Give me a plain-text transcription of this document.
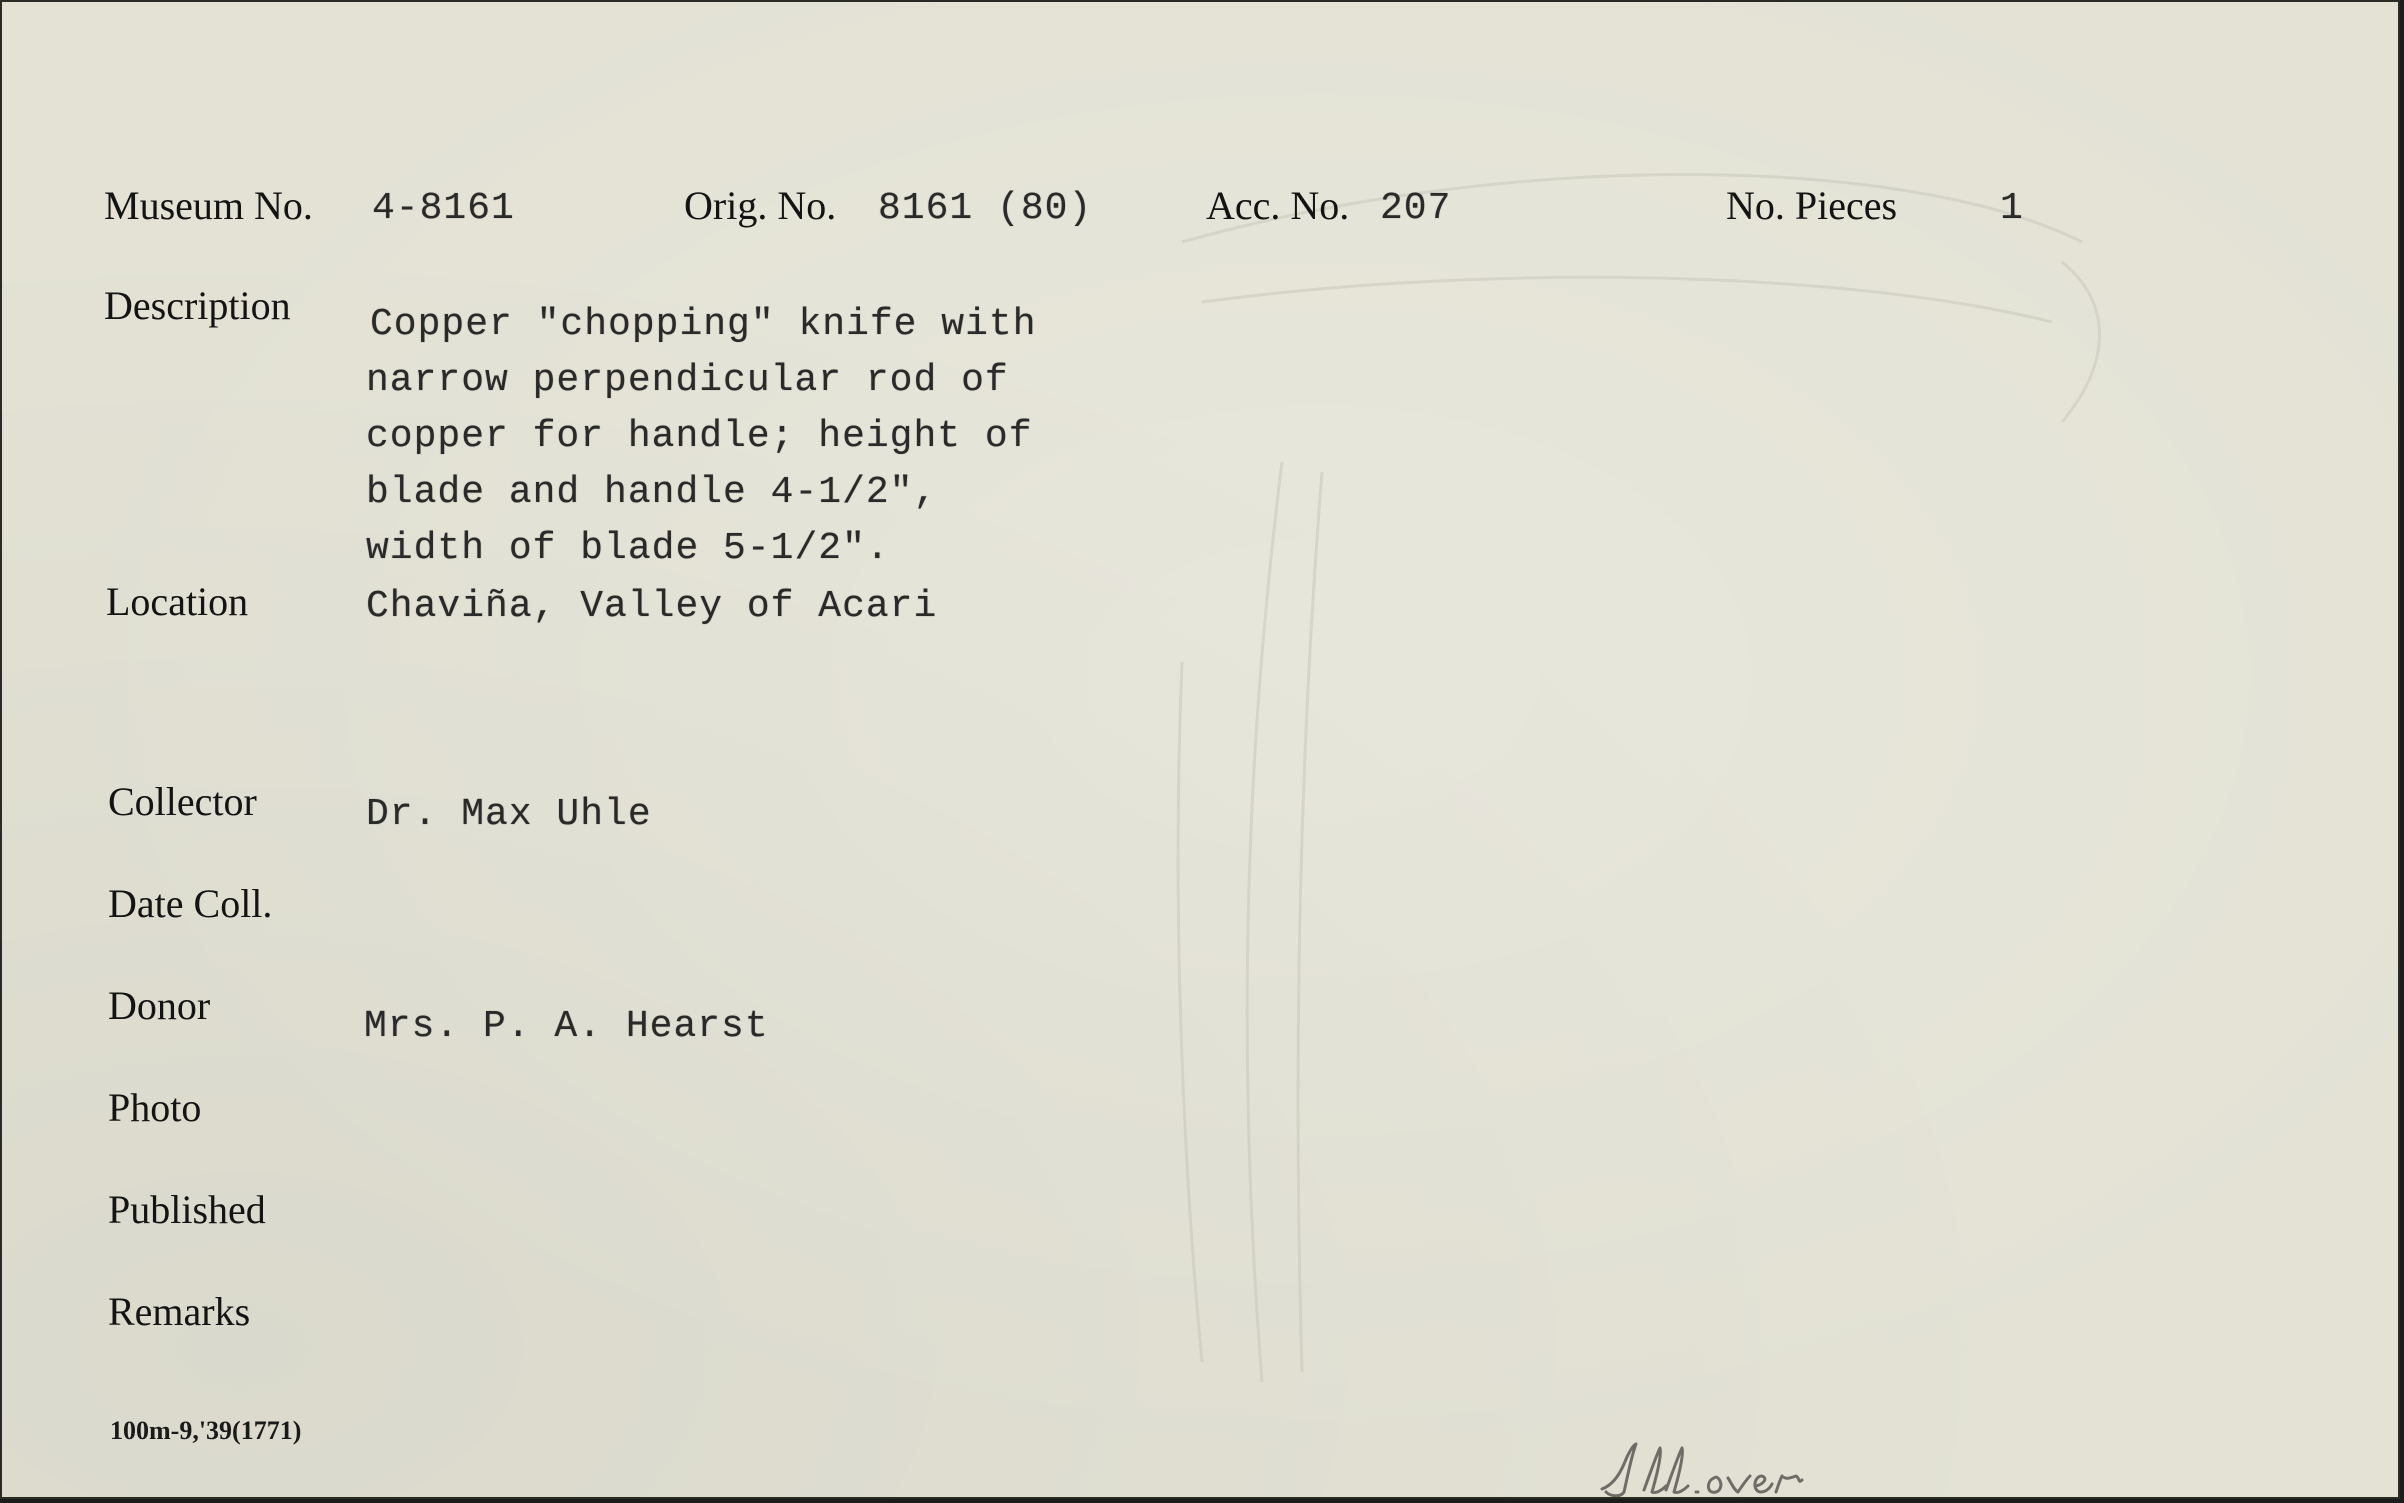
Museum No. 4-8161	Orig. No. 8161 (80)	Acc. No. 207	No. Pieces	1
Description Copper "chopping" knife with
narrow perpendicular rod of
copper for handle; height of
blade and handle 4-1/2",
width of blade 5-1/2".
Location	Chaviña, Valley of Acari
Collector	Dr. Max Uhle
Date Coll.
Donor	Mrs. P. A. Hearst
Photo
Published
Remarks
100m-9,'39(1771)
